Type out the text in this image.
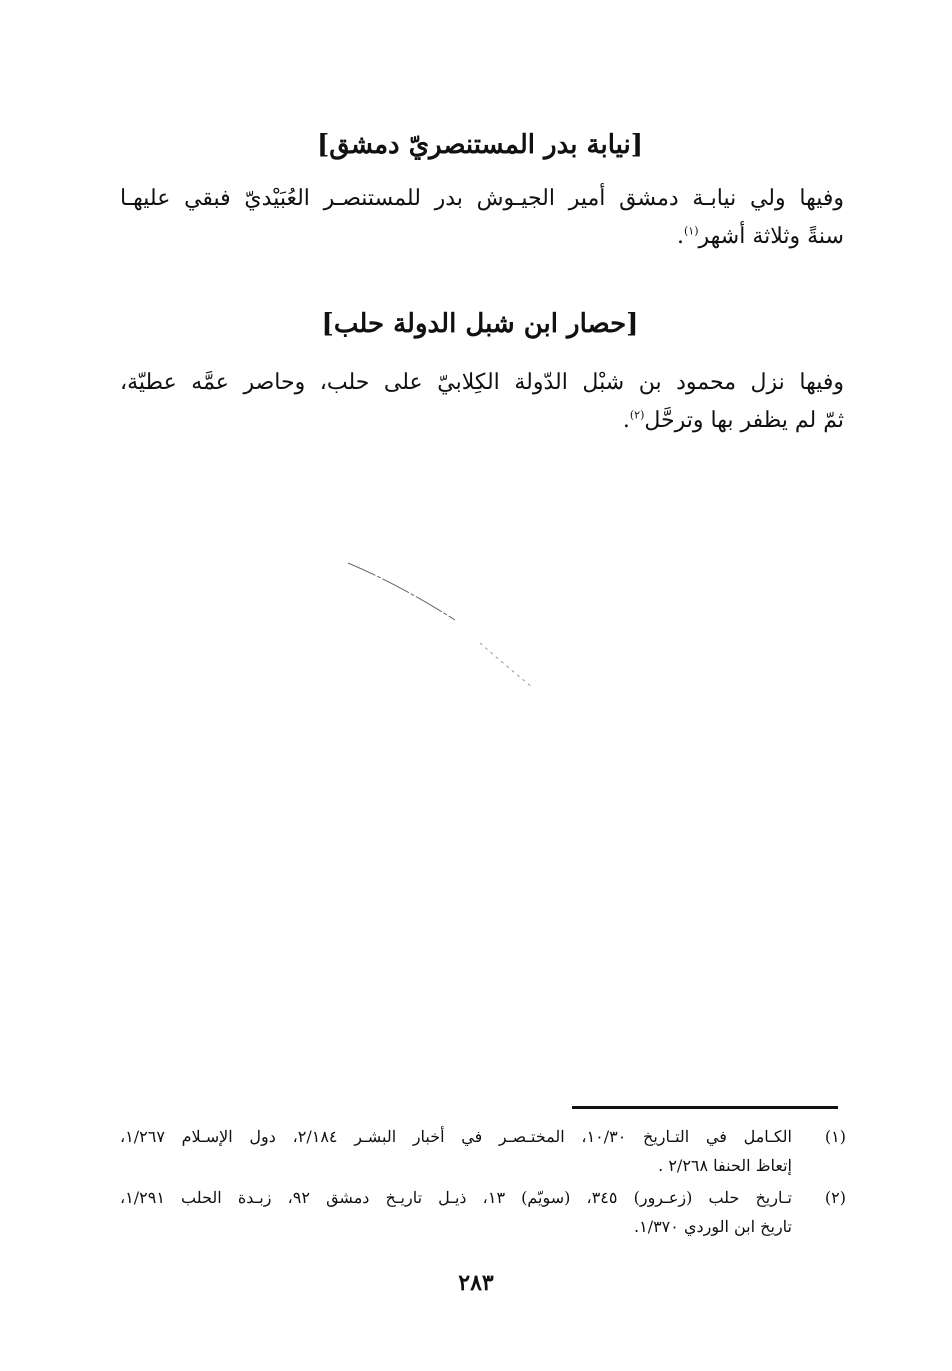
[نيابة بدر المستنصريّ دمشق]

وفيها ولي نيابـة دمشق أمير الجيـوش بدر للمستنصـر العُبَيْديّ فبقي عليهـا
سنةً وثلاثة أشهر$^{(١)}$.

[حصار ابن شبل الدولة حلب]

وفيها نزل محمود بن شبْل الدّولة الكِلابيّ على حلب، وحاصر عمَّه عطيّة،
ثمّ لم يظفر بها وترحَّل$^{(٢)}$.

(١)
الكـامل في التـاريخ ١٠/٣٠، المختـصـر في أخبار البشـر ٢/١٨٤، دول الإسـلام ١/٢٦٧،
إتعاظ الحنفا ٢/٢٦٨ .
(٢)
تـاريخ حلب (زعـرور) ٣٤٥، (سويّم) ١٣، ذيـل تاريـخ دمشق ٩٢، زبـدة الحلب ١/٢٩١،
تاريخ ابن الوردي ١/٣٧٠.
٢٨٣
